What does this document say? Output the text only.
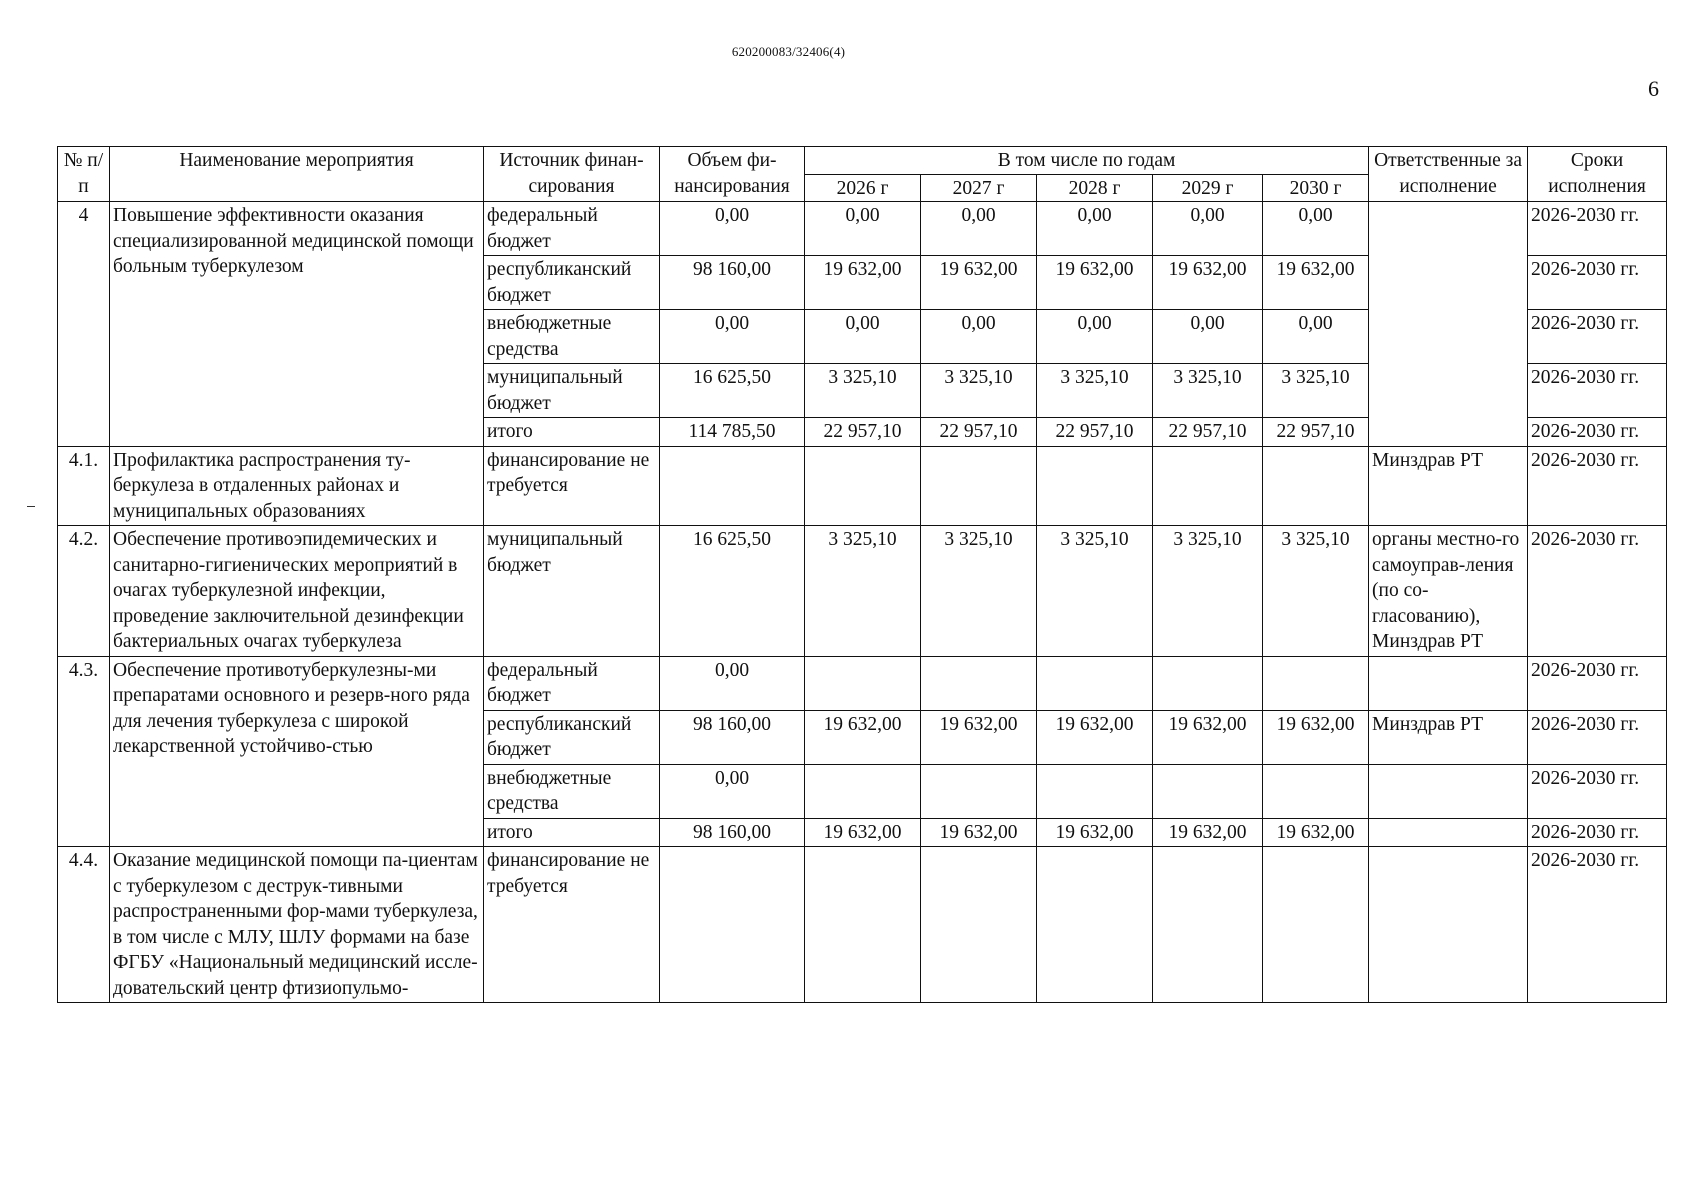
620200083/32406(4)
6
№ п/п	Наименование мероприятия	Источник финан-сирования	Объем фи-нансирования	В том числе по годам					Ответственные за исполнение	Сроки исполнения
				2026 г	2027 г	2028 г	2029 г	2030 г		
4	Повышение эффективности оказания специализированной медицинской помощи больным туберкулезом	федеральный бюджет	0,00	0,00	0,00	0,00	0,00	0,00		2026-2030 гг.
		республиканский бюджет	98 160,00	19 632,00	19 632,00	19 632,00	19 632,00	19 632,00		2026-2030 гг.
		внебюджетные средства	0,00	0,00	0,00	0,00	0,00	0,00		2026-2030 гг.
		муниципальный бюджет	16 625,50	3 325,10	3 325,10	3 325,10	3 325,10	3 325,10		2026-2030 гг.
		итого	114 785,50	22 957,10	22 957,10	22 957,10	22 957,10	22 957,10		2026-2030 гг.
4.1.	Профилактика распространения ту-беркулеза в отдаленных районах и муниципальных образованиях	финансирование не требуется							Минздрав РТ	2026-2030 гг.
4.2.	Обеспечение противоэпидемических и санитарно-гигиенических мероприятий в очагах туберкулезной инфекции, проведение заключительной дезинфекции бактериальных очагах туберкулеза	муниципальный бюджет	16 625,50	3 325,10	3 325,10	3 325,10	3 325,10	3 325,10	органы местно-го самоуправ-ления (по со-гласованию), Минздрав РТ	2026-2030 гг.
4.3.	Обеспечение противотуберкулезны-ми препаратами основного и резерв-ного ряда для лечения туберкулеза с широкой лекарственной устойчиво-стью	федеральный бюджет	0,00							2026-2030 гг.
		республиканский бюджет	98 160,00	19 632,00	19 632,00	19 632,00	19 632,00	19 632,00	Минздрав РТ	2026-2030 гг.
		внебюджетные средства	0,00							2026-2030 гг.
		итого	98 160,00	19 632,00	19 632,00	19 632,00	19 632,00	19 632,00		2026-2030 гг.
4.4.	Оказание медицинской помощи па-циентам с туберкулезом с деструк-тивными распространенными фор-мами туберкулеза, в том числе с МЛУ, ШЛУ формами на базе ФГБУ «Национальный медицинский иссле-довательский центр фтизиопульмо-	финансирование не требуется								2026-2030 гг.
